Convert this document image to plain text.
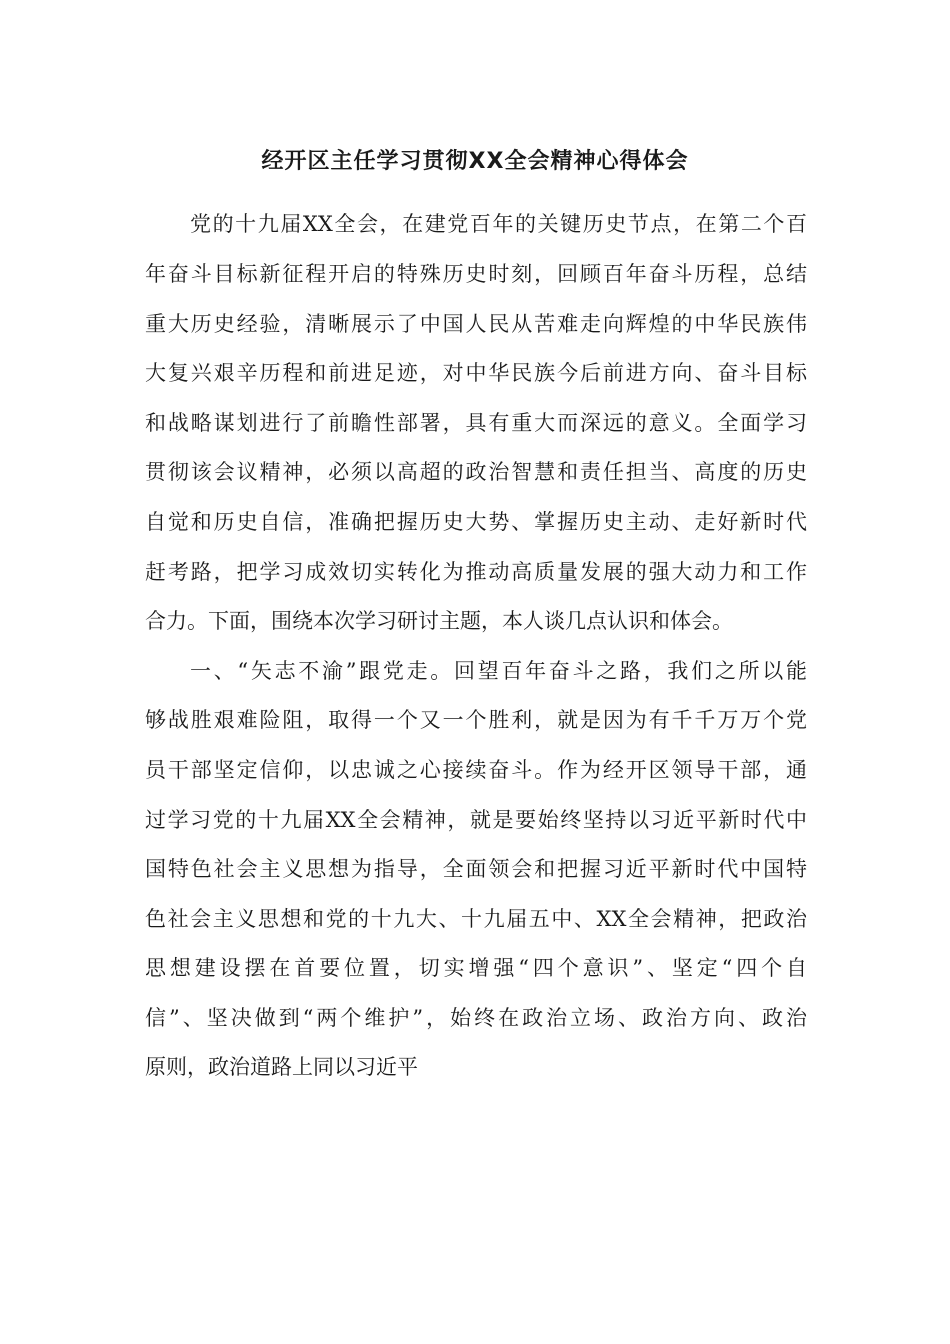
经开区主任学习贯彻XX全会精神心得体会
党的十九届XX全会，在建党百年的关键历史节点，在第二个百
年奋斗目标新征程开启的特殊历史时刻，回顾百年奋斗历程，总结
重大历史经验，清晰展示了中国人民从苦难走向辉煌的中华民族伟
大复兴艰辛历程和前进足迹，对中华民族今后前进方向、奋斗目标
和战略谋划进行了前瞻性部署，具有重大而深远的意义。全面学习
贯彻该会议精神，必须以高超的政治智慧和责任担当、高度的历史
自觉和历史自信，准确把握历史大势、掌握历史主动、走好新时代
赶考路，把学习成效切实转化为推动高质量发展的强大动力和工作
合力。下面，围绕本次学习研讨主题，本人谈几点认识和体会。
一、“矢志不渝”跟党走。回望百年奋斗之路，我们之所以能
够战胜艰难险阻，取得一个又一个胜利，就是因为有千千万万个党
员干部坚定信仰，以忠诚之心接续奋斗。作为经开区领导干部，通
过学习党的十九届XX全会精神，就是要始终坚持以习近平新时代中
国特色社会主义思想为指导，全面领会和把握习近平新时代中国特
色社会主义思想和党的十九大、十九届五中、XX全会精神，把政治
思想建设摆在首要位置，切实增强“四个意识”、坚定“四个自
信”、坚决做到“两个维护”，始终在政治立场、政治方向、政治
原则，政治道路上同以习近平
